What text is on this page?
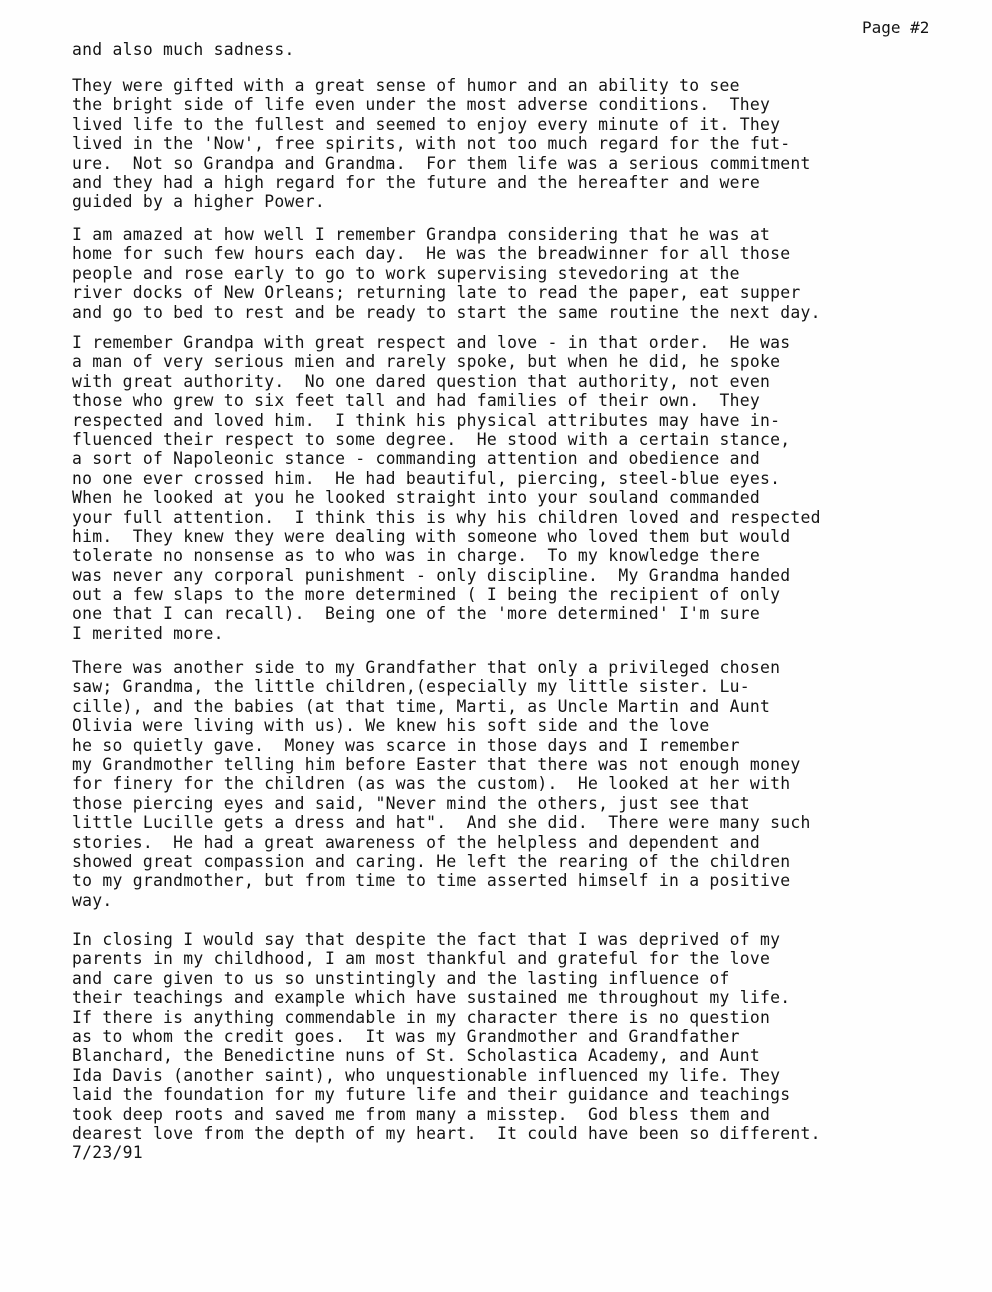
Page #2
and also much sadness.
They were gifted with a great sense of humor and an ability to see
the bright side of life even under the most adverse conditions.  They
lived life to the fullest and seemed to enjoy every minute of it. They
lived in the 'Now', free spirits, with not too much regard for the fut-
ure.  Not so Grandpa and Grandma.  For them life was a serious commitment
and they had a high regard for the future and the hereafter and were
guided by a higher Power.
I am amazed at how well I remember Grandpa considering that he was at
home for such few hours each day.  He was the breadwinner for all those
people and rose early to go to work supervising stevedoring at the
river docks of New Orleans; returning late to read the paper, eat supper
and go to bed to rest and be ready to start the same routine the next day.
I remember Grandpa with great respect and love - in that order.  He was
a man of very serious mien and rarely spoke, but when he did, he spoke
with great authority.  No one dared question that authority, not even
those who grew to six feet tall and had families of their own.  They
respected and loved him.  I think his physical attributes may have in-
fluenced their respect to some degree.  He stood with a certain stance,
a sort of Napoleonic stance - commanding attention and obedience and
no one ever crossed him.  He had beautiful, piercing, steel-blue eyes.
When he looked at you he looked straight into your souland commanded
your full attention.  I think this is why his children loved and respected
him.  They knew they were dealing with someone who loved them but would
tolerate no nonsense as to who was in charge.  To my knowledge there
was never any corporal punishment - only discipline.  My Grandma handed
out a few slaps to the more determined ( I being the recipient of only
one that I can recall).  Being one of the 'more determined' I'm sure
I merited more.
There was another side to my Grandfather that only a privileged chosen
saw; Grandma, the little children,(especially my little sister. Lu-
cille), and the babies (at that time, Marti, as Uncle Martin and Aunt
Olivia were living with us). We knew his soft side and the love
he so quietly gave.  Money was scarce in those days and I remember
my Grandmother telling him before Easter that there was not enough money
for finery for the children (as was the custom).  He looked at her with
those piercing eyes and said, "Never mind the others, just see that
little Lucille gets a dress and hat".  And she did.  There were many such
stories.  He had a great awareness of the helpless and dependent and
showed great compassion and caring. He left the rearing of the children
to my grandmother, but from time to time asserted himself in a positive
way.
In closing I would say that despite the fact that I was deprived of my
parents in my childhood, I am most thankful and grateful for the love
and care given to us so unstintingly and the lasting influence of
their teachings and example which have sustained me throughout my life.
If there is anything commendable in my character there is no question
as to whom the credit goes.  It was my Grandmother and Grandfather
Blanchard, the Benedictine nuns of St. Scholastica Academy, and Aunt
Ida Davis (another saint), who unquestionable influenced my life. They
laid the foundation for my future life and their guidance and teachings
took deep roots and saved me from many a misstep.  God bless them and
dearest love from the depth of my heart.  It could have been so different.
7/23/91
